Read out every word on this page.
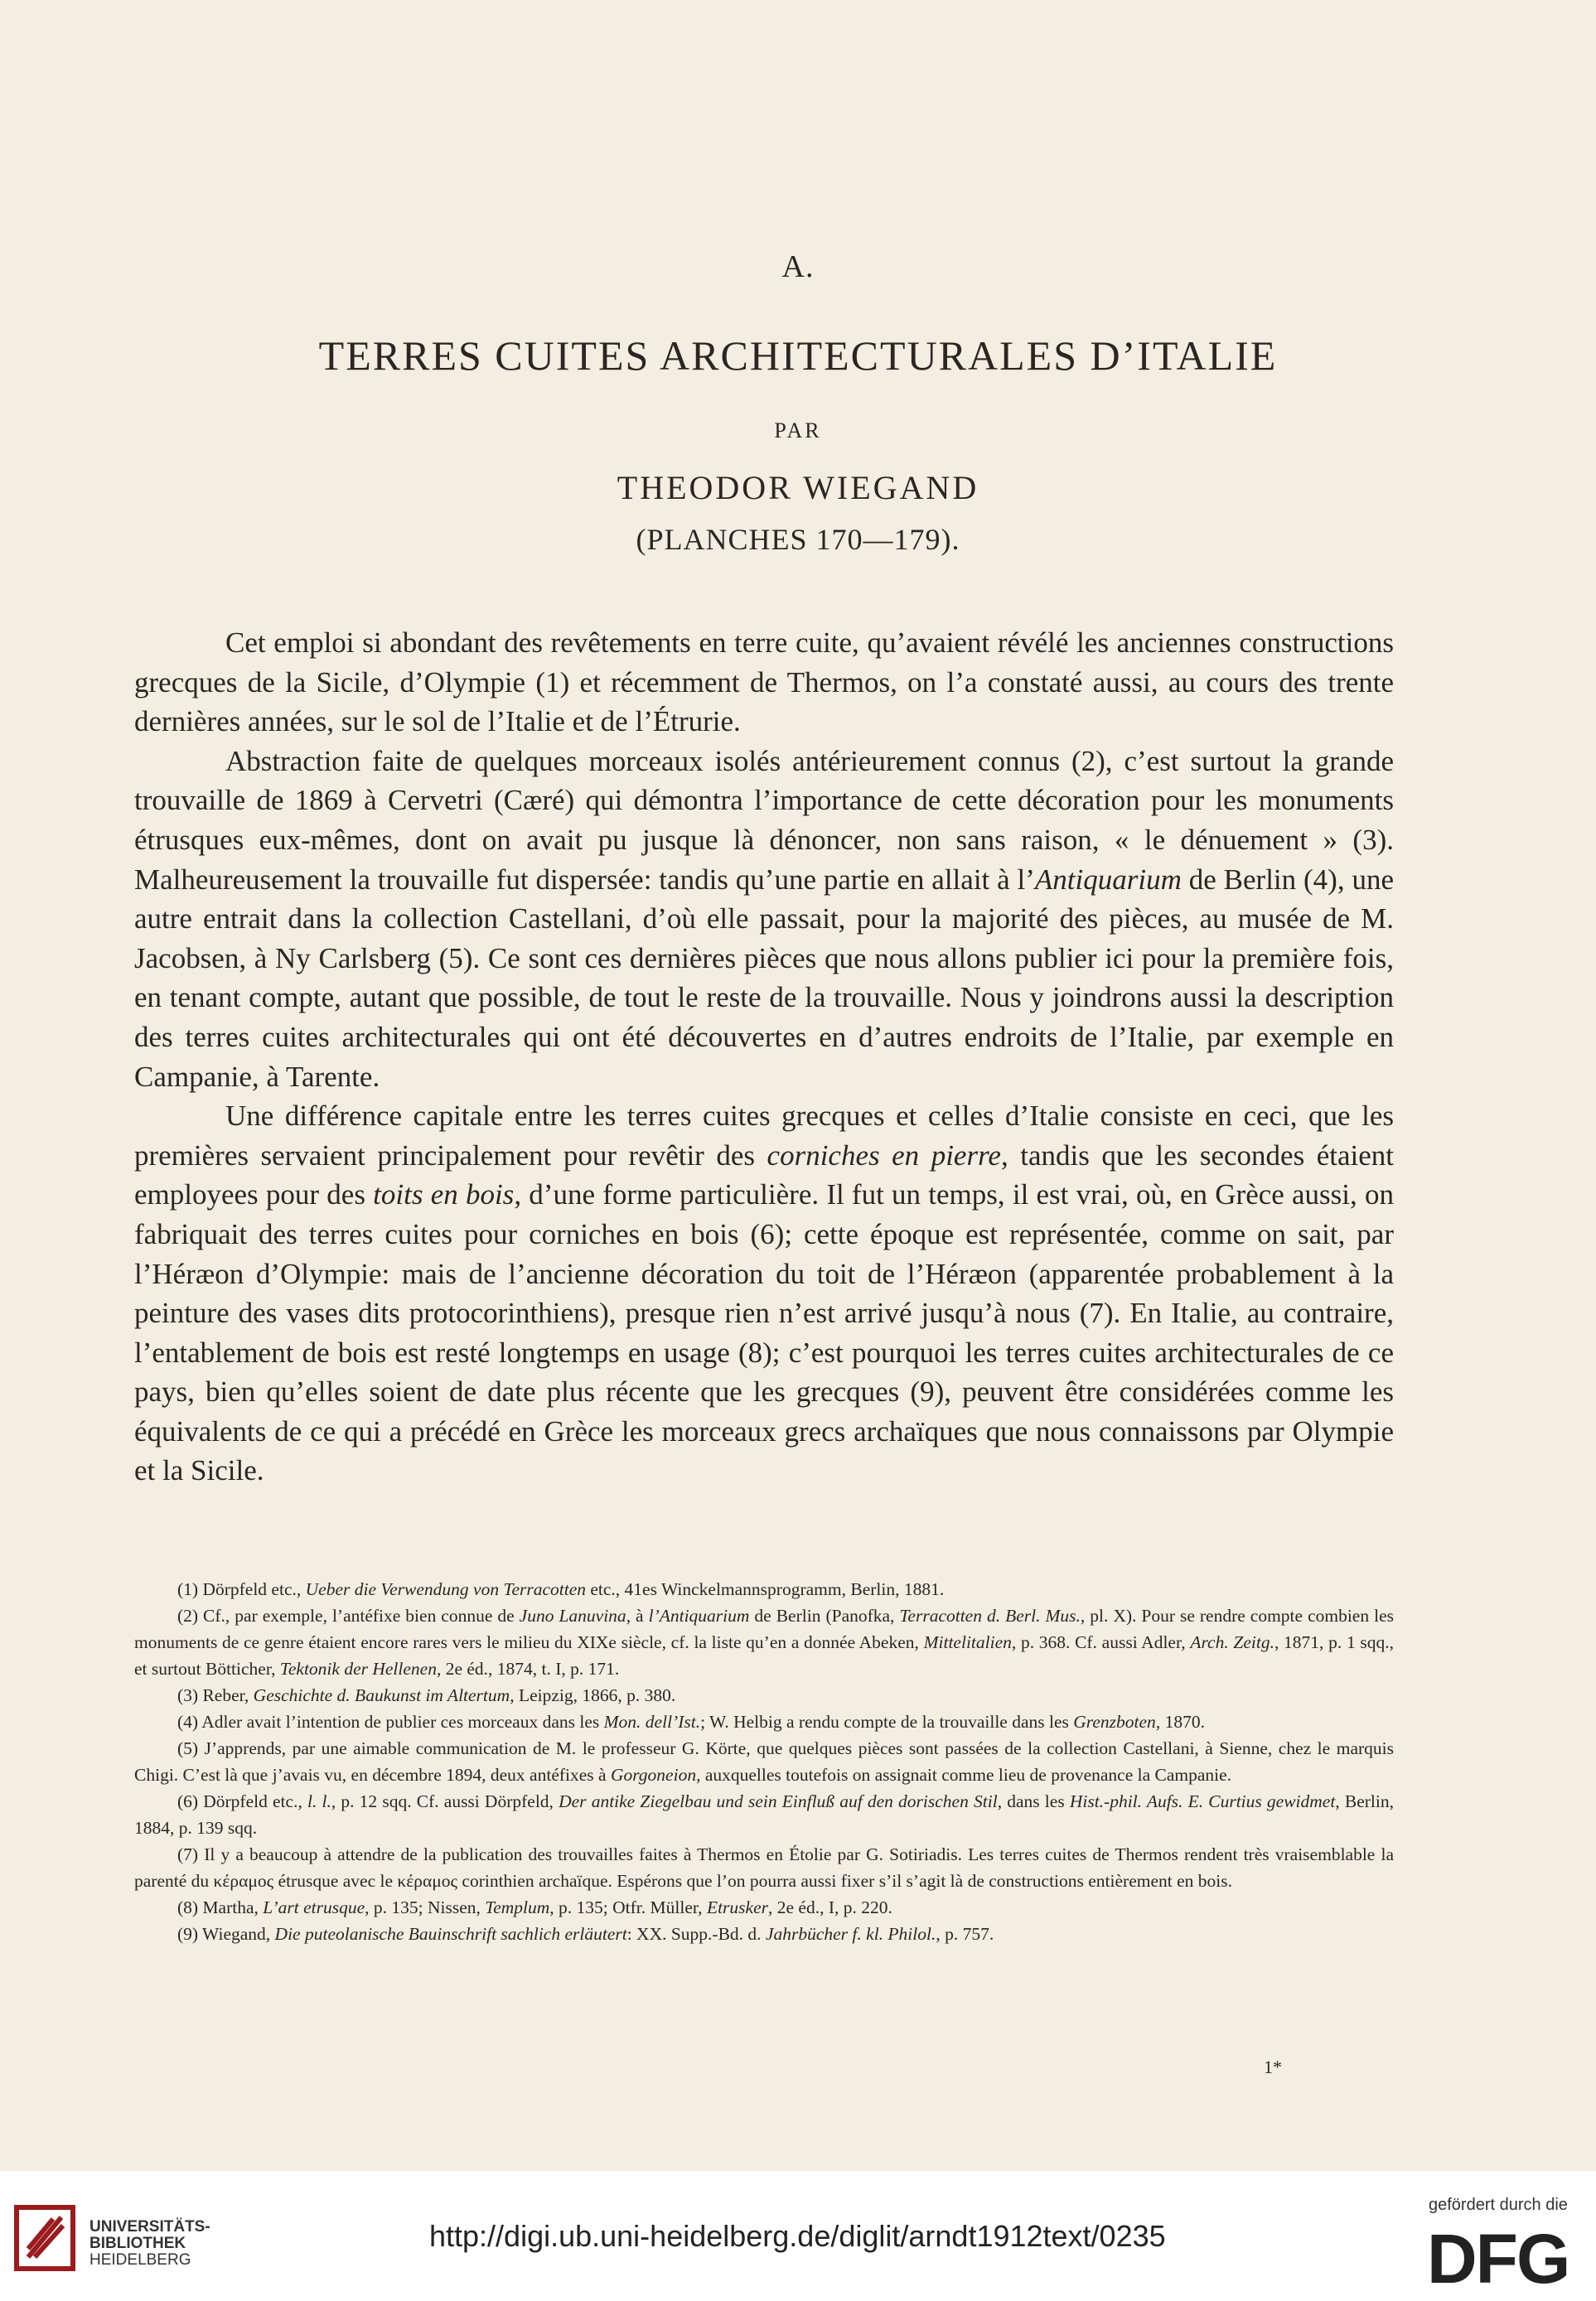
A.
TERRES CUITES ARCHITECTURALES D’ITALIE
PAR
THEODOR WIEGAND
(PLANCHES 170—179).

Cet emploi si abondant des revêtements en terre cuite, qu’avaient révélé les anciennes constructions grecques de la Sicile, d’Olympie (1) et récemment de Thermos, on l’a constaté aussi, au cours des trente dernières années, sur le sol de l’Italie et de l’Étrurie.

Abstraction faite de quelques morceaux isolés antérieurement connus (2), c’est surtout la grande trouvaille de 1869 à Cervetri (Cæré) qui démontra l’importance de cette décoration pour les monuments étrusques eux-mêmes, dont on avait pu jusque là dénoncer, non sans raison, « le dénuement » (3). Malheureusement la trouvaille fut dispersée: tandis qu’une partie en allait à l’Antiquarium de Berlin (4), une autre entrait dans la collection Castellani, d’où elle passait, pour la majorité des pièces, au musée de M. Jacobsen, à Ny Carlsberg (5). Ce sont ces dernières pièces que nous allons publier ici pour la première fois, en tenant compte, autant que possible, de tout le reste de la trouvaille. Nous y joindrons aussi la description des terres cuites architecturales qui ont été découvertes en d’autres endroits de l’Italie, par exemple en Campanie, à Tarente.

Une différence capitale entre les terres cuites grecques et celles d’Italie consiste en ceci, que les premières servaient principalement pour revêtir des corniches en pierre, tandis que les secondes étaient employees pour des toits en bois, d’une forme particulière. Il fut un temps, il est vrai, où, en Grèce aussi, on fabriquait des terres cuites pour corniches en bois (6); cette époque est représentée, comme on sait, par l’Héræon d’Olympie: mais de l’ancienne décoration du toit de l’Héræon (apparentée probablement à la peinture des vases dits protocorinthiens), presque rien n’est arrivé jusqu’à nous (7). En Italie, au contraire, l’entablement de bois est resté longtemps en usage (8); c’est pourquoi les terres cuites architecturales de ce pays, bien qu’elles soient de date plus récente que les grecques (9), peuvent être considérées comme les équivalents de ce qui a précédé en Grèce les morceaux grecs archaïques que nous connaissons par Olympie et la Sicile.

(1) Dörpfeld etc., Ueber die Verwendung von Terracotten etc., 41es Winckelmannsprogramm, Berlin, 1881.

(2) Cf., par exemple, l’antéfixe bien connue de Juno Lanuvina, à l’Antiquarium de Berlin (Panofka, Terracotten d. Berl. Mus., pl. X). Pour se rendre compte combien les monuments de ce genre étaient encore rares vers le milieu du XIXe siècle, cf. la liste qu’en a donnée Abeken, Mittelitalien, p. 368. Cf. aussi Adler, Arch. Zeitg., 1871, p. 1 sqq., et surtout Bötticher, Tektonik der Hellenen, 2e éd., 1874, t. I, p. 171.

(3) Reber, Geschichte d. Baukunst im Altertum, Leipzig, 1866, p. 380.

(4) Adler avait l’intention de publier ces morceaux dans les Mon. dell’Ist.; W. Helbig a rendu compte de la trouvaille dans les Grenzboten, 1870.

(5) J’apprends, par une aimable communication de M. le professeur G. Körte, que quelques pièces sont passées de la collection Castellani, à Sienne, chez le marquis Chigi. C’est là que j’avais vu, en décembre 1894, deux antéfixes à Gorgoneion, auxquelles toutefois on assignait comme lieu de provenance la Campanie.

(6) Dörpfeld etc., l. l., p. 12 sqq. Cf. aussi Dörpfeld, Der antike Ziegelbau und sein Einfluß auf den dorischen Stil, dans les Hist.-phil. Aufs. E. Curtius gewidmet, Berlin, 1884, p. 139 sqq.

(7) Il y a beaucoup à attendre de la publication des trouvailles faites à Thermos en Étolie par G. Sotiriadis. Les terres cuites de Thermos rendent très vraisemblable la parenté du κέραμος étrusque avec le κέραμος corinthien archaïque. Espérons que l’on pourra aussi fixer s’il s’agit là de constructions entièrement en bois.

(8) Martha, L’art etrusque, p. 135; Nissen, Templum, p. 135; Otfr. Müller, Etrusker, 2e éd., I, p. 220.

(9) Wiegand, Die puteolanische Bauinschrift sachlich erläutert: XX. Supp.-Bd. d. Jahrbücher f. kl. Philol., p. 757.

1*
UNIVERSITÄTS-
BIBLIOTHEK
HEIDELBERG
http://digi.ub.uni-heidelberg.de/diglit/arndt1912text/0235
gefördert durch die
DFG
